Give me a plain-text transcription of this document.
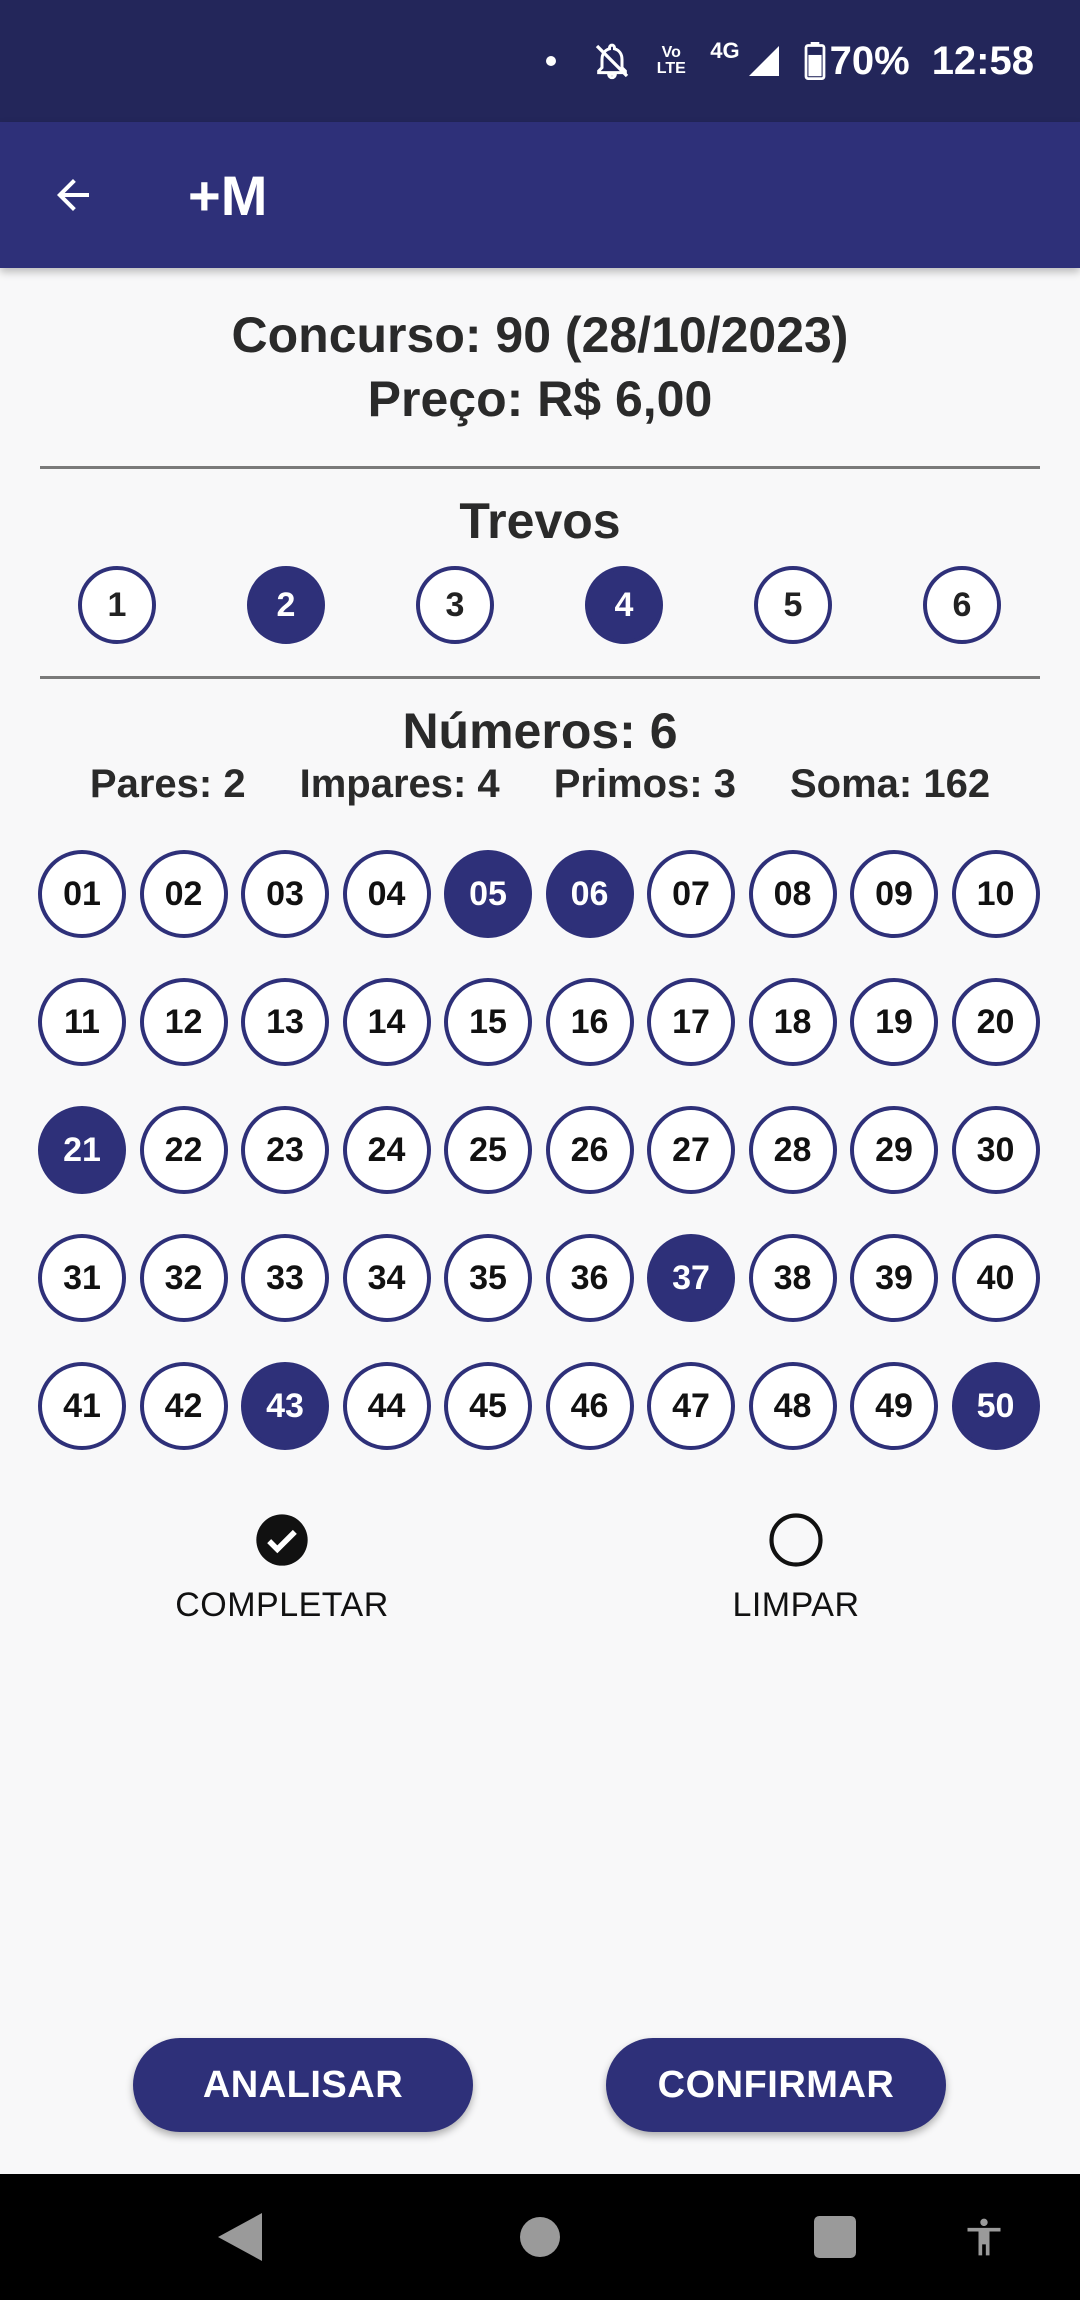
Vo LTE
4G 70% 12:58
+M
Concurso: 90 (28/10/2023)
Preço: R$ 6,00
Trevos
1	2	3	4	5	6
Números: 6
Pares: 2 Impares: 4 Primos: 3 Soma: 162
01	02	03	04	05	06	07	08	09	10
11	12	13	14	15	16	17	18	19	20
21	22	23	24	25	26	27	28	29	30
31	32	33	34	35	36	37	38	39	40
41	42	43	44	45	46	47	48	49	50
COMPLETAR	LIMPAR
ANALISAR	CONFIRMAR
